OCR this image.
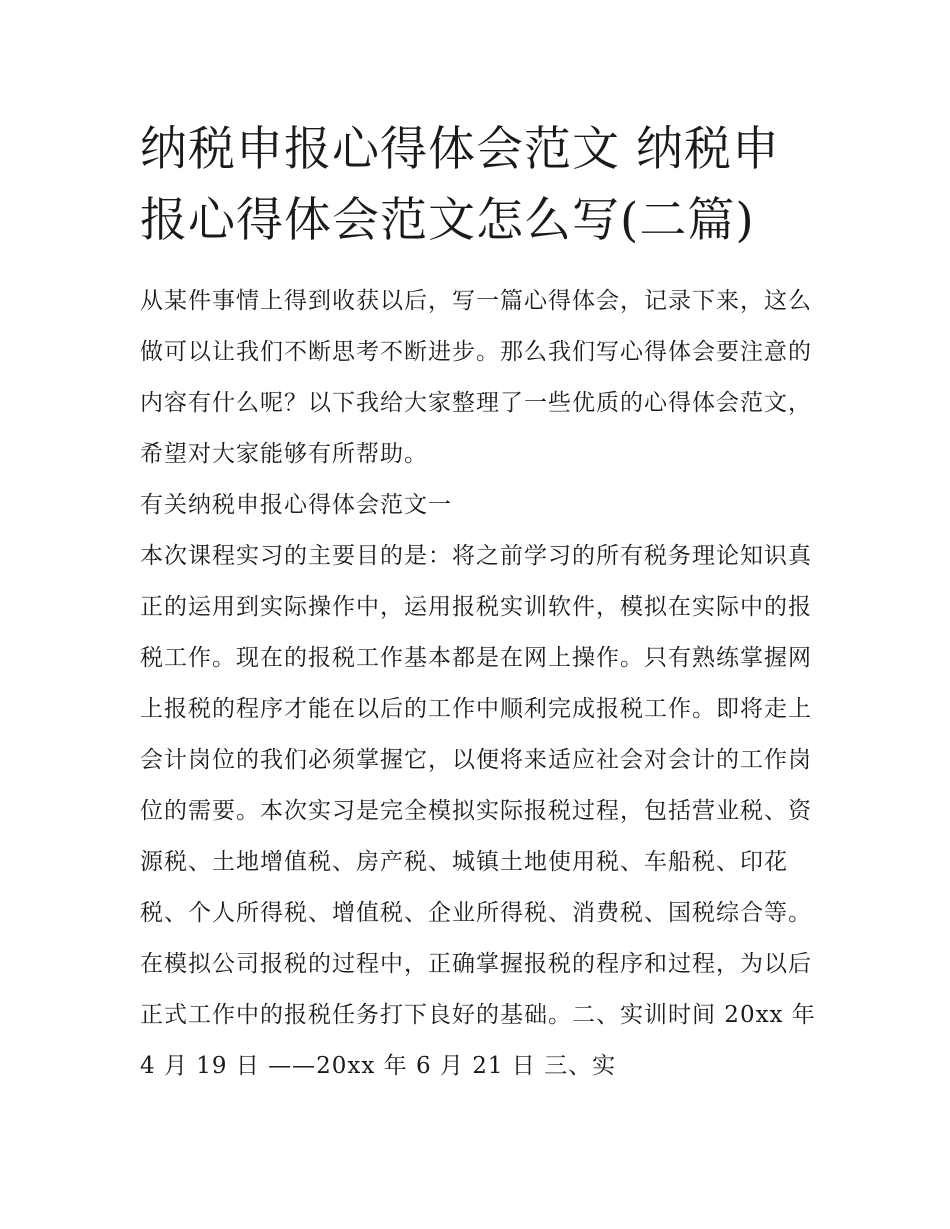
纳税申报心得体会范文 纳税申报心得体会范文怎么写(二篇)

从某件事情上得到收获以后，写一篇心得体会，记录下来，这么做可以让我们不断思考不断进步。那么我们写心得体会要注意的内容有什么呢？以下我给大家整理了一些优质的心得体会范文，希望对大家能够有所帮助。

有关纳税申报心得体会范文一

本次课程实习的主要目的是：将之前学习的所有税务理论知识真正的运用到实际操作中，运用报税实训软件，模拟在实际中的报税工作。现在的报税工作基本都是在网上操作。只有熟练掌握网上报税的程序才能在以后的工作中顺利完成报税工作。即将走上会计岗位的我们必须掌握它，以便将来适应社会对会计的工作岗位的需要。本次实习是完全模拟实际报税过程，包括营业税、资源税、土地增值税、房产税、城镇土地使用税、车船税、印花税、个人所得税、增值税、企业所得税、消费税、国税综合等。在模拟公司报税的过程中，正确掌握报税的程序和过程，为以后正式工作中的报税任务打下良好的基础。二、实训时间 20xx 年 4 月 19 日 ——20xx 年 6 月 21 日 三、实
